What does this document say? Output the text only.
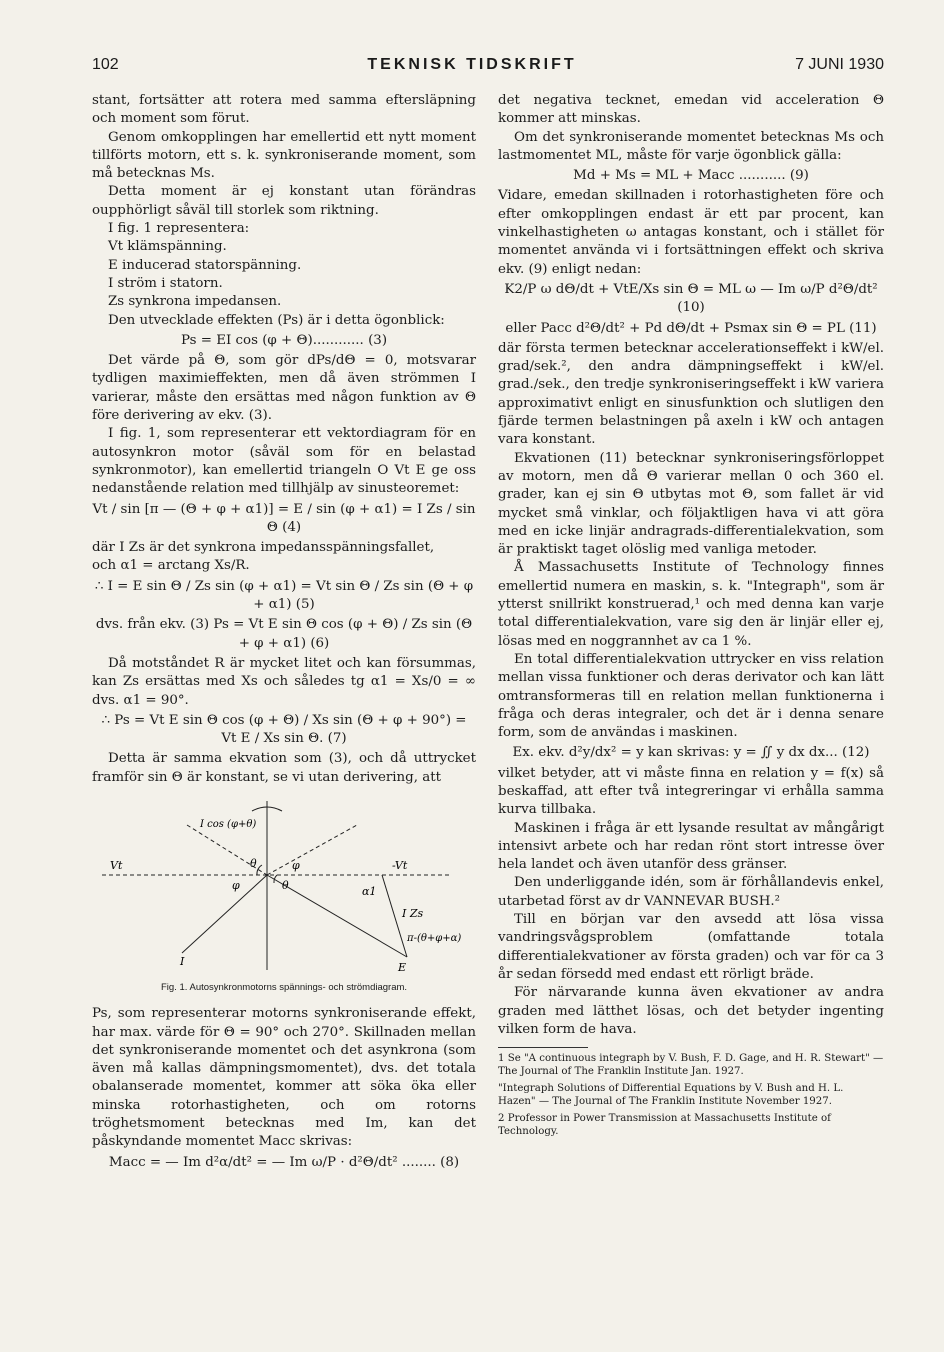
102	TEKNISK TIDSKRIFT	7 JUNI 1930

stant, fortsätter att rotera med samma eftersläpning och moment som förut.

Genom omkopplingen har emellertid ett nytt moment tillförts motorn, ett s. k. synkroniserande moment, som må betecknas Ms.

Detta moment är ej konstant utan förändras oupphörligt såväl till storlek som riktning.

I fig. 1 representera:

Vt klämspänning.

E inducerad statorspänning.

I ström i statorn.

Zs synkrona impedansen.

Den utvecklade effekten (Ps) är i detta ögonblick:

Ps = EI cos (φ + Θ)............ (3)

Det värde på Θ, som gör dPs/dΘ = 0, motsvarar tydligen maximieffekten, men då även strömmen I varierar, måste den ersättas med någon funktion av Θ före derivering av ekv. (3).

I fig. 1, som representerar ett vektordiagram för en autosynkron motor (såväl som för en belastad synkronmotor), kan emellertid triangeln O Vt E ge oss nedanstående relation med tillhjälp av sinusteoremet:

Vt / sin [π — (Θ + φ + α1)] = E / sin (φ + α1) = I Zs / sin Θ (4)

där I Zs är det synkrona impedansspänningsfallet,

och α1 = arctang Xs/R.

∴ I = E sin Θ / Zs sin (φ + α1) = Vt sin Θ / Zs sin (Θ + φ + α1) (5)

dvs. från ekv. (3) Ps = Vt E sin Θ cos (φ + Θ) / Zs sin (Θ + φ + α1) (6)

Då motståndet R är mycket litet och kan försummas, kan Zs ersättas med Xs och således tg α1 = Xs/0 = ∞ dvs. α1 = 90°.

∴ Ps = Vt E sin Θ cos (φ + Θ) / Xs sin (Θ + φ + 90°) = Vt E / Xs sin Θ. (7)

Detta är samma ekvation som (3), och då uttrycket framför sin Θ är konstant, se vi utan derivering, att

Vt	-Vt
I cos (φ+θ)
θ
φ
φ
θ	α1
I Zs
I	E
π-(θ+φ+α)
Fig. 1. Autosynkronmotorns spännings- och strömdiagram.

Ps, som representerar motorns synkroniserande effekt, har max. värde för Θ = 90° och 270°. Skillnaden mellan det synkroniserande momentet och det asynkrona (som även må kallas dämpningsmomentet), dvs. det totala obalanserade momentet, kommer att söka öka eller minska rotorhastigheten, och om rotorns tröghetsmoment betecknas med Im, kan det påskyndande momentet Macc skrivas:

Macc = — Im d²α/dt² = — Im ω/P · d²Θ/dt² ........ (8)

det negativa tecknet, emedan vid acceleration Θ kommer att minskas.

Om det synkroniserande momentet betecknas Ms och lastmomentet ML, måste för varje ögonblick gälla:

Md + Ms = ML + Macc ........... (9)

Vidare, emedan skillnaden i rotorhastigheten före och efter omkopplingen endast är ett par procent, kan vinkelhastigheten ω antagas konstant, och i stället för momentet använda vi i fortsättningen effekt och skriva ekv. (9) enligt nedan:

K2/P ω dΘ/dt + VtE/Xs sin Θ = ML ω — Im ω/P d²Θ/dt² (10)

eller Pacc d²Θ/dt² + Pd dΘ/dt + Psmax sin Θ = PL (11)

där första termen betecknar accelerationseffekt i kW/el. grad/sek.², den andra dämpningseffekt i kW/el. grad./sek., den tredje synkroniseringseffekt i kW variera approximativt enligt en sinusfunktion och slutligen den fjärde termen belastningen på axeln i kW och antagen vara konstant.

Ekvationen (11) betecknar synkroniseringsförloppet av motorn, men då Θ varierar mellan 0 och 360 el. grader, kan ej sin Θ utbytas mot Θ, som fallet är vid mycket små vinklar, och följaktligen hava vi att göra med en icke linjär andragrads-differentialekvation, som är praktiskt taget olöslig med vanliga metoder.

Å Massachusetts Institute of Technology finnes emellertid numera en maskin, s. k. "Integraph", som är ytterst snillrikt konstruerad,¹ och med denna kan varje total differentialekvation, vare sig den är linjär eller ej, lösas med en noggrannhet av ca 1 %.

En total differentialekvation uttrycker en viss relation mellan vissa funktioner och deras derivator och kan lätt omtransformeras till en relation mellan funktionerna i fråga och deras integraler, och det är i denna senare form, som de användas i maskinen.

Ex. ekv. d²y/dx² = y kan skrivas: y = ∬ y dx dx... (12)

vilket betyder, att vi måste finna en relation y = f(x) så beskaffad, att efter två integreringar vi erhålla samma kurva tillbaka.

Maskinen i fråga är ett lysande resultat av mångårigt intensivt arbete och har redan rönt stort intresse över hela landet och även utanför dess gränser.

Den underliggande idén, som är förhållandevis enkel, utarbetad först av dr VANNEVAR BUSH.²

Till en början var den avsedd att lösa vissa vandringsvågsproblem (omfattande totala differentialekvationer av första graden) och var för ca 3 år sedan försedd med endast ett rörligt bräde.

För närvarande kunna även ekvationer av andra graden med lätthet lösas, och det betyder ingenting vilken form de hava.

1 Se "A continuous integraph by V. Bush, F. D. Gage, and H. R. Stewart" — The Journal of The Franklin Institute Jan. 1927.

"Integraph Solutions of Differential Equations by V. Bush and H. L. Hazen" — The Journal of The Franklin Institute November 1927.

2 Professor in Power Transmission at Massachusetts Institute of Technology.
